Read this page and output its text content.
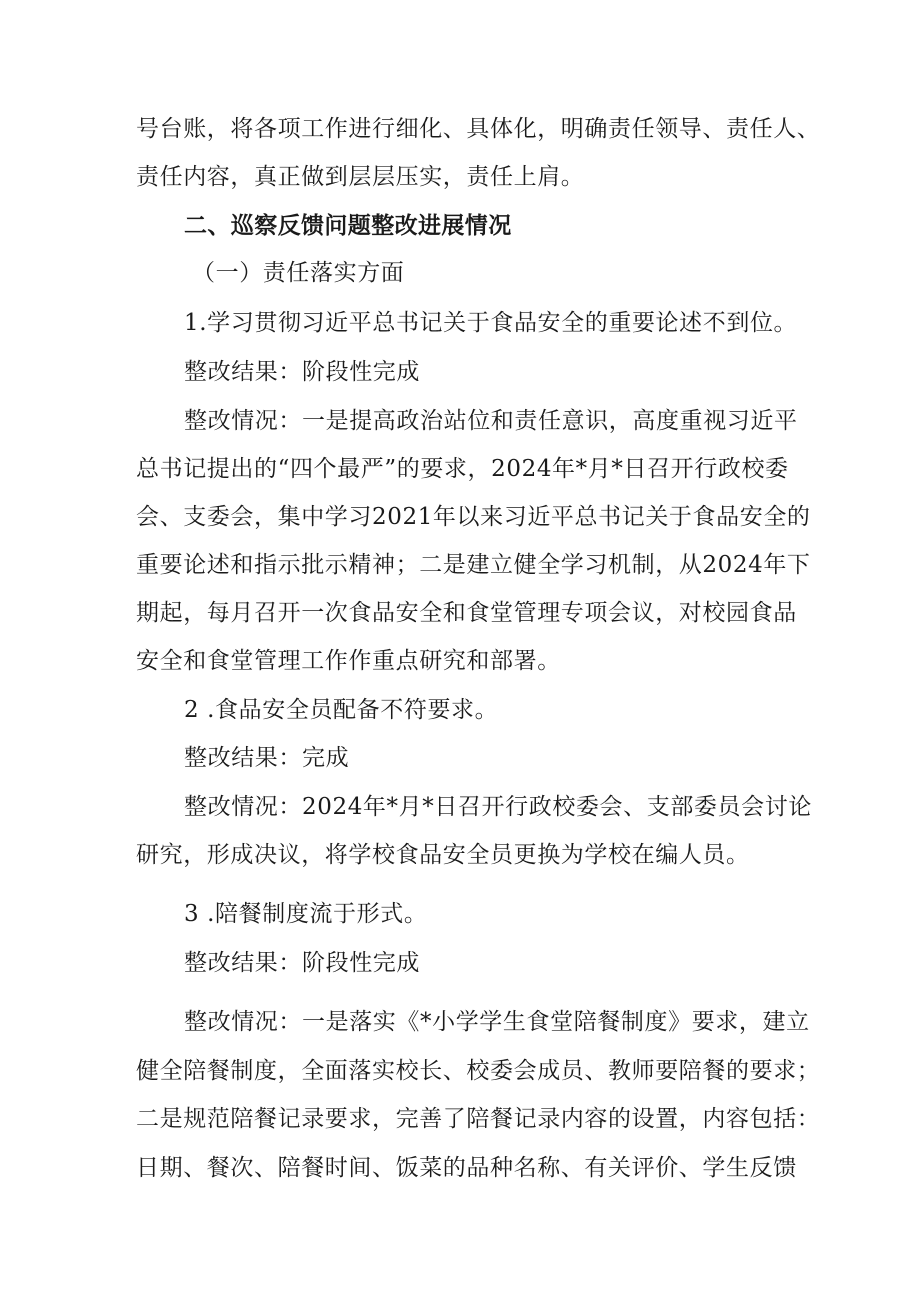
号台账，将各项工作进行细化、具体化，明确责任领导、责任人、
责任内容，真正做到层层压实，责任上肩。
二、巡察反馈问题整改进展情况
（一）责任落实方面
1.学习贯彻习近平总书记关于食品安全的重要论述不到位。
整改结果：阶段性完成
整改情况：一是提高政治站位和责任意识，高度重视习近平
总书记提出的“四个最严”的要求，2024年*月*日召开行政校委
会、支委会，集中学习2021年以来习近平总书记关于食品安全的
重要论述和指示批示精神；二是建立健全学习机制，从2024年下
期起，每月召开一次食品安全和食堂管理专项会议，对校园食品
安全和食堂管理工作作重点研究和部署。
2 .食品安全员配备不符要求。
整改结果：完成
整改情况：2024年*月*日召开行政校委会、支部委员会讨论
研究，形成决议，将学校食品安全员更换为学校在编人员。
3 .陪餐制度流于形式。
整改结果：阶段性完成
整改情况：一是落实《*小学学生食堂陪餐制度》要求，建立
健全陪餐制度，全面落实校长、校委会成员、教师要陪餐的要求；
二是规范陪餐记录要求，完善了陪餐记录内容的设置，内容包括：
日期、餐次、陪餐时间、饭菜的品种名称、有关评价、学生反馈
